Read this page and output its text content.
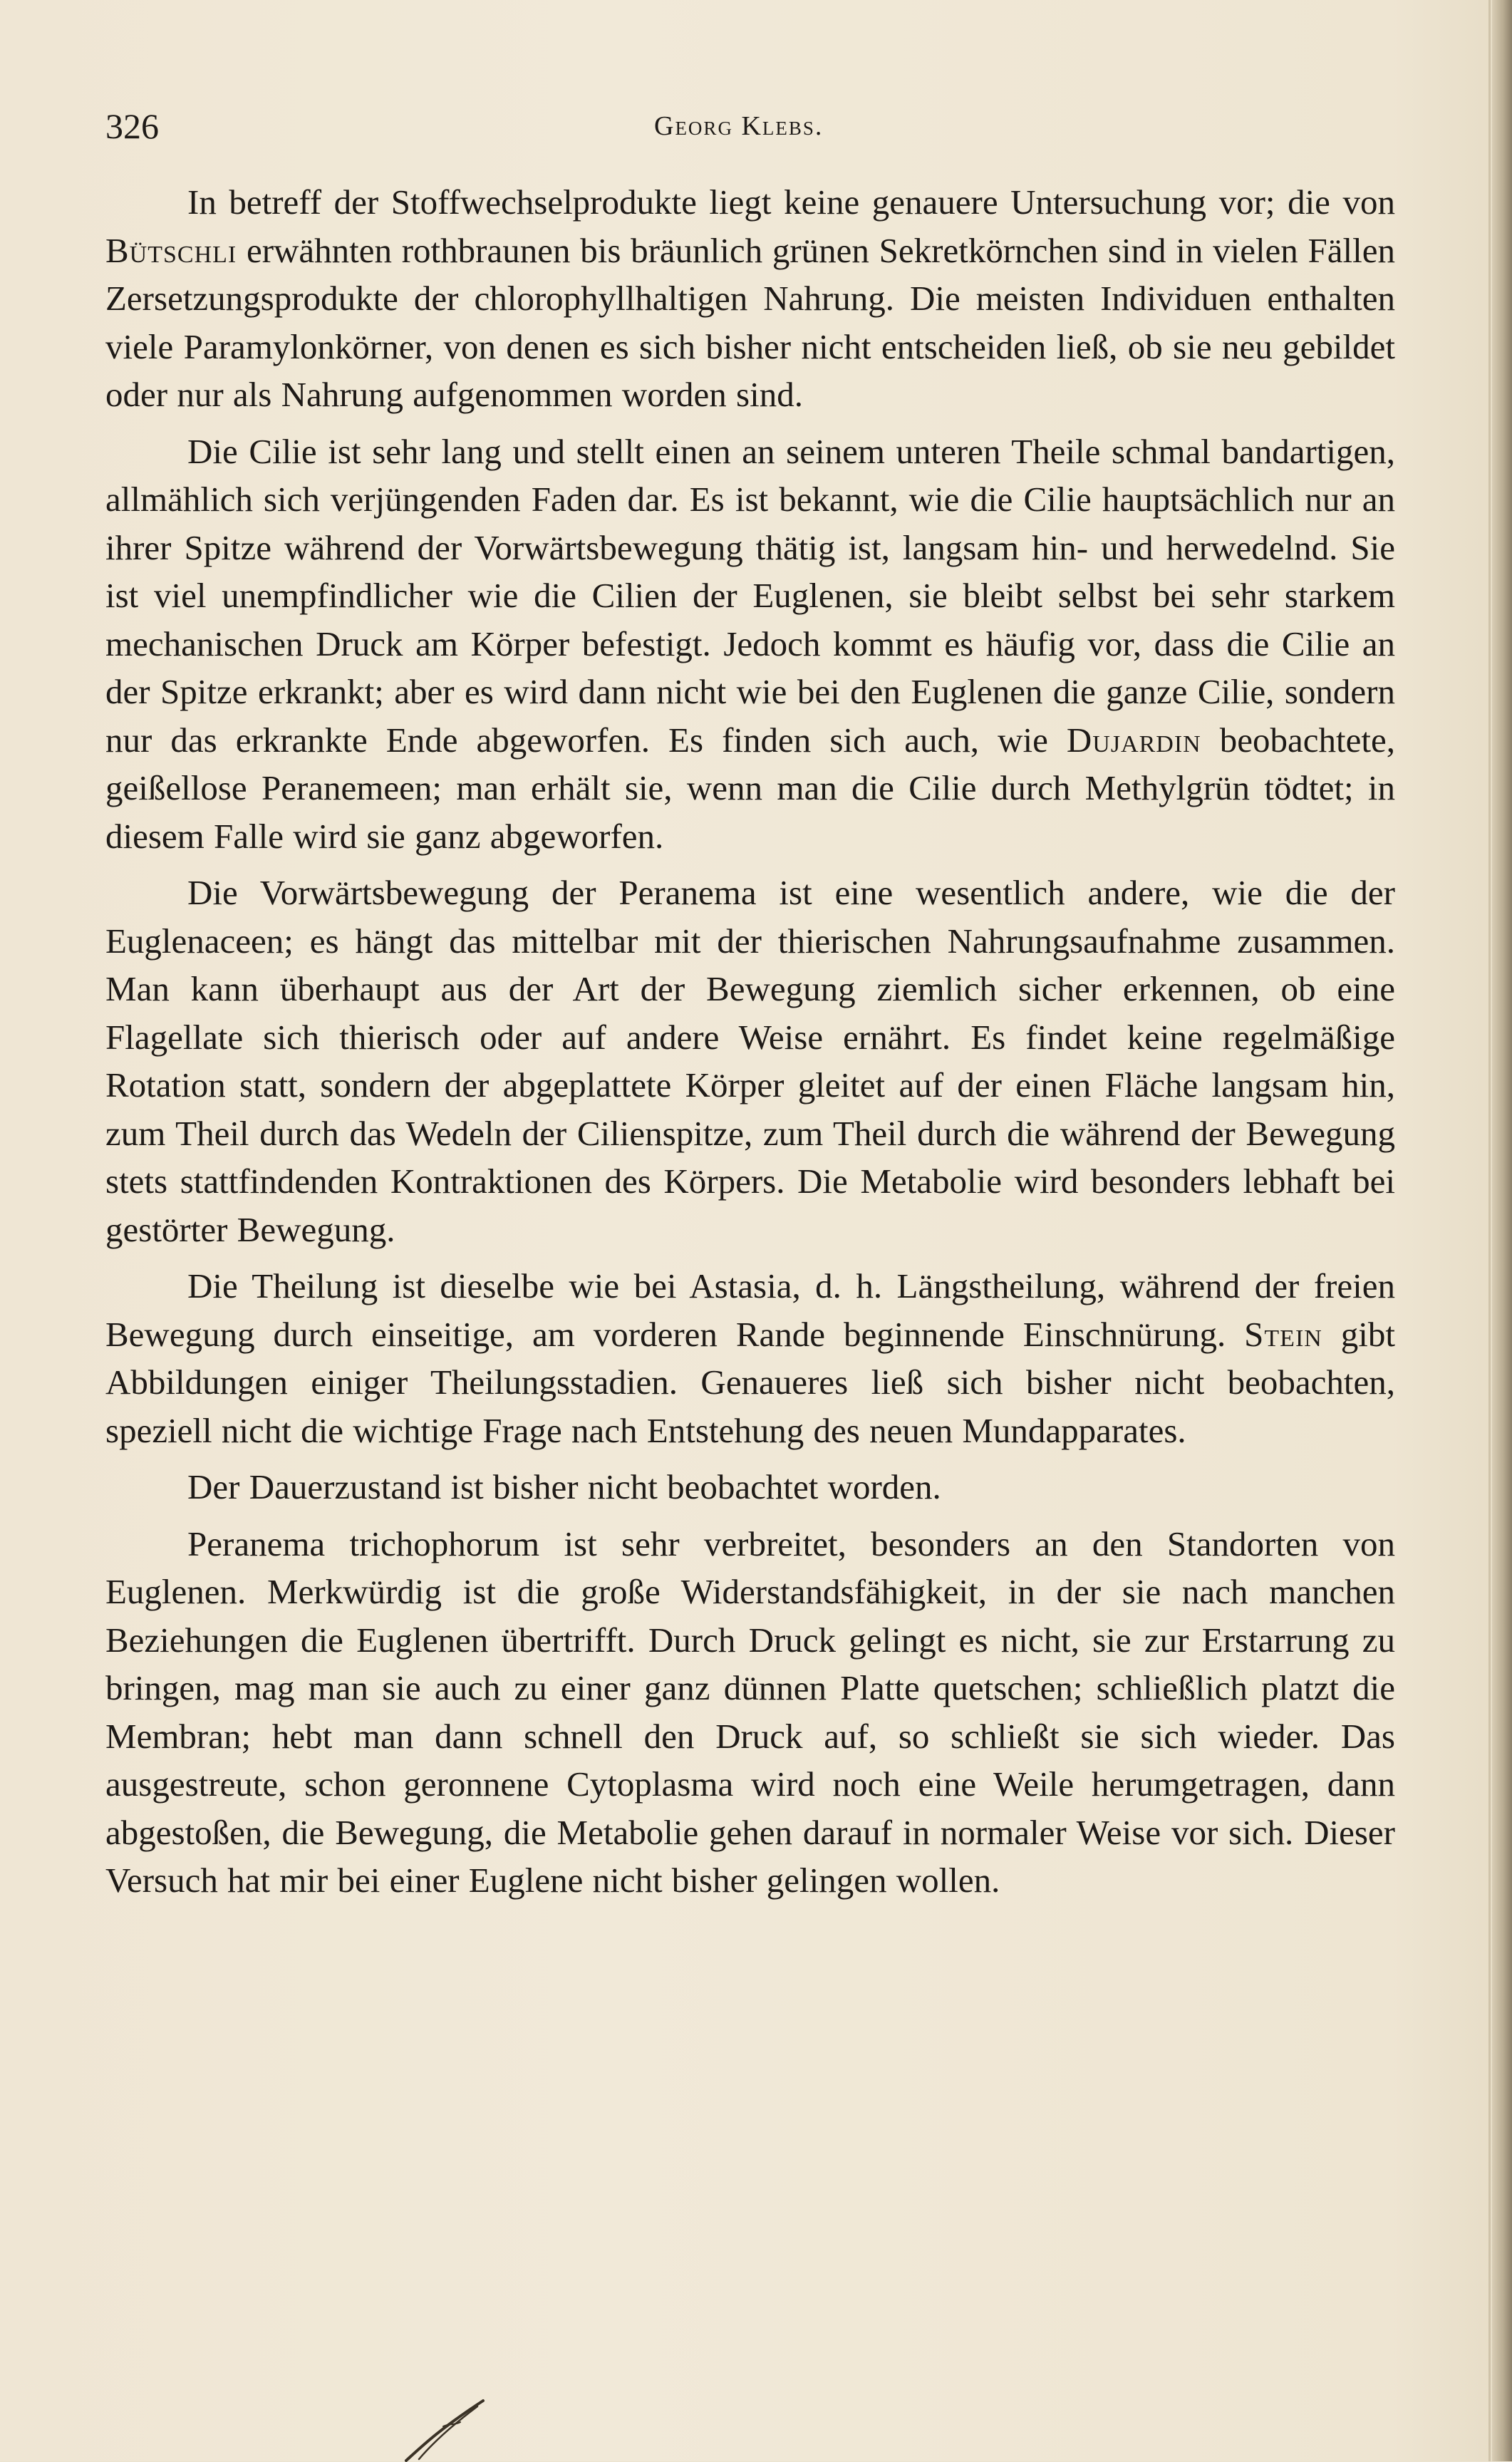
326	Georg Klebs.

In betreff der Stoffwechselprodukte liegt keine genauere Untersuchung vor; die von Bütschli erwähnten rothbraunen bis bräunlich grünen Sekretkörnchen sind in vielen Fällen Zersetzungsprodukte der chlorophyllhaltigen Nahrung. Die meisten Individuen enthalten viele Paramylonkörner, von denen es sich bisher nicht entscheiden ließ, ob sie neu gebildet oder nur als Nahrung aufgenommen worden sind.

Die Cilie ist sehr lang und stellt einen an seinem unteren Theile schmal bandartigen, allmählich sich verjüngenden Faden dar. Es ist bekannt, wie die Cilie hauptsächlich nur an ihrer Spitze während der Vorwärtsbewegung thätig ist, langsam hin- und herwedelnd. Sie ist viel unempfindlicher wie die Cilien der Euglenen, sie bleibt selbst bei sehr starkem mechanischen Druck am Körper befestigt. Jedoch kommt es häufig vor, dass die Cilie an der Spitze erkrankt; aber es wird dann nicht wie bei den Euglenen die ganze Cilie, sondern nur das erkrankte Ende abgeworfen. Es finden sich auch, wie Dujardin beobachtete, geißellose Peranemeen; man erhält sie, wenn man die Cilie durch Methylgrün tödtet; in diesem Falle wird sie ganz abgeworfen.

Die Vorwärtsbewegung der Peranema ist eine wesentlich andere, wie die der Euglenaceen; es hängt das mittelbar mit der thierischen Nahrungsaufnahme zusammen. Man kann überhaupt aus der Art der Bewegung ziemlich sicher erkennen, ob eine Flagellate sich thierisch oder auf andere Weise ernährt. Es findet keine regelmäßige Rotation statt, sondern der abgeplattete Körper gleitet auf der einen Fläche langsam hin, zum Theil durch das Wedeln der Cilienspitze, zum Theil durch die während der Bewegung stets stattfindenden Kontraktionen des Körpers. Die Metabolie wird besonders lebhaft bei gestörter Bewegung.

Die Theilung ist dieselbe wie bei Astasia, d. h. Längstheilung, während der freien Bewegung durch einseitige, am vorderen Rande beginnende Einschnürung. Stein gibt Abbildungen einiger Theilungsstadien. Genaueres ließ sich bisher nicht beobachten, speziell nicht die wichtige Frage nach Entstehung des neuen Mundapparates.

Der Dauerzustand ist bisher nicht beobachtet worden.

Peranema trichophorum ist sehr verbreitet, besonders an den Standorten von Euglenen. Merkwürdig ist die große Widerstandsfähigkeit, in der sie nach manchen Beziehungen die Euglenen übertrifft. Durch Druck gelingt es nicht, sie zur Erstarrung zu bringen, mag man sie auch zu einer ganz dünnen Platte quetschen; schließlich platzt die Membran; hebt man dann schnell den Druck auf, so schließt sie sich wieder. Das ausgestreute, schon geronnene Cytoplasma wird noch eine Weile herumgetragen, dann abgestoßen, die Bewegung, die Metabolie gehen darauf in normaler Weise vor sich. Dieser Versuch hat mir bei einer Euglene nicht bisher gelingen wollen.
